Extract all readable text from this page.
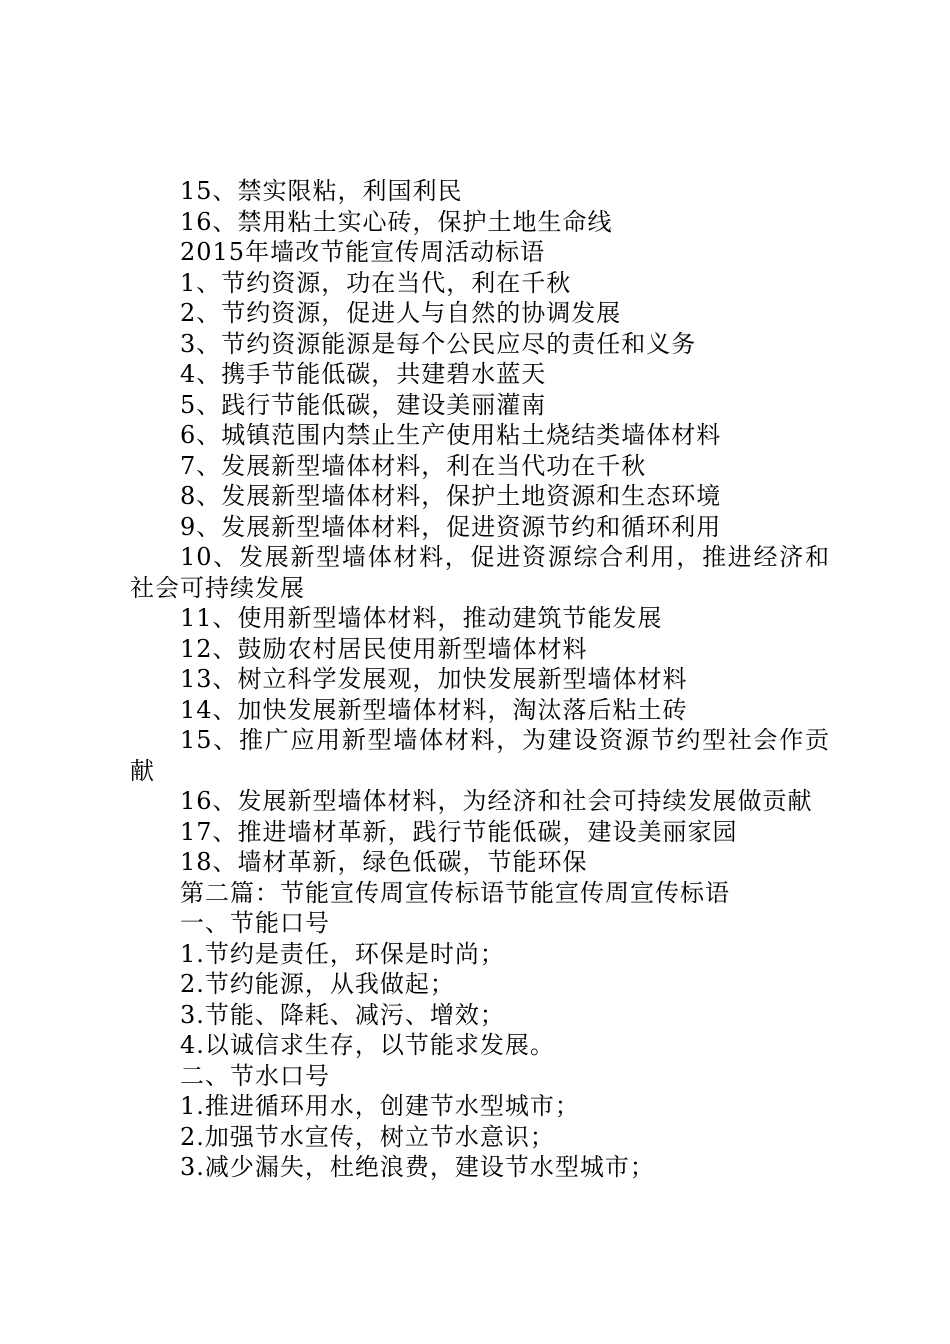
15、禁实限粘，利国利民
16、禁用粘土实心砖，保护土地生命线
2015年墙改节能宣传周活动标语
1、节约资源，功在当代，利在千秋
2、节约资源，促进人与自然的协调发展
3、节约资源能源是每个公民应尽的责任和义务
4、携手节能低碳，共建碧水蓝天
5、践行节能低碳，建设美丽灌南
6、城镇范围内禁止生产使用粘土烧结类墙体材料
7、发展新型墙体材料，利在当代功在千秋
8、发展新型墙体材料，保护土地资源和生态环境
9、发展新型墙体材料，促进资源节约和循环利用
10、发展新型墙体材料，促进资源综合利用，推进经济和社会可持续发展
11、使用新型墙体材料，推动建筑节能发展
12、鼓励农村居民使用新型墙体材料
13、树立科学发展观，加快发展新型墙体材料
14、加快发展新型墙体材料，淘汰落后粘土砖
15、推广应用新型墙体材料，为建设资源节约型社会作贡献
16、发展新型墙体材料，为经济和社会可持续发展做贡献
17、推进墙材革新，践行节能低碳，建设美丽家园
18、墙材革新，绿色低碳，节能环保
第二篇：节能宣传周宣传标语节能宣传周宣传标语
一、节能口号
1.节约是责任，环保是时尚；
2.节约能源，从我做起；
3.节能、降耗、减污、增效；
4.以诚信求生存，以节能求发展。
二、节水口号
1.推进循环用水，创建节水型城市；
2.加强节水宣传，树立节水意识；
3.减少漏失，杜绝浪费，建设节水型城市；
